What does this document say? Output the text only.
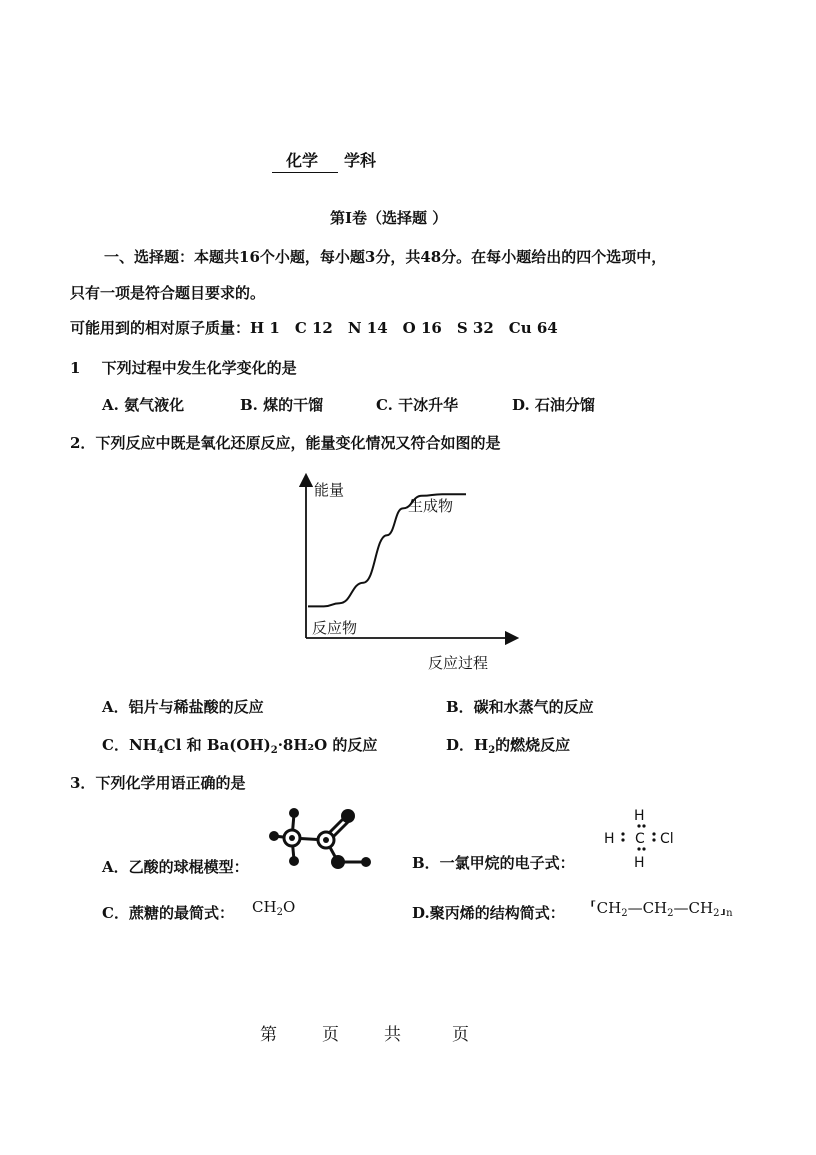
化学 学科
第Ⅰ卷（选择题 ）
一、选择题：本题共16个小题，每小题3分，共48分。在每小题给出的四个选项中，
只有一项是符合题目要求的。
可能用到的相对原子质量：H 1　C 12　N 14　O 16　S 32　Cu 64
1 下列过程中发生化学变化的是
A. 氨气液化	B. 煤的干馏	C. 干冰升华	D. 石油分馏
2．下列反应中既是氧化还原反应，能量变化情况又符合如图的是
能量
生成物
反应物
反应过程
A．铝片与稀盐酸的反应	B．碳和水蒸气的反应
C．$NH_4Cl$ 和 $Ba(OH)_2\cdot 8H_2O$ 的反应	D．$H_2$的燃烧反应
3．下列化学用语正确的是
A．乙酸的球棍模型：	B．一氯甲烷的电子式：
H
H C Cl
H
C．蔗糖的最简式： $CH_2O$	D.聚丙烯的结构简式： $⸢CH_2—CH_2—CH_2⸥_n$
第	页	共	页
